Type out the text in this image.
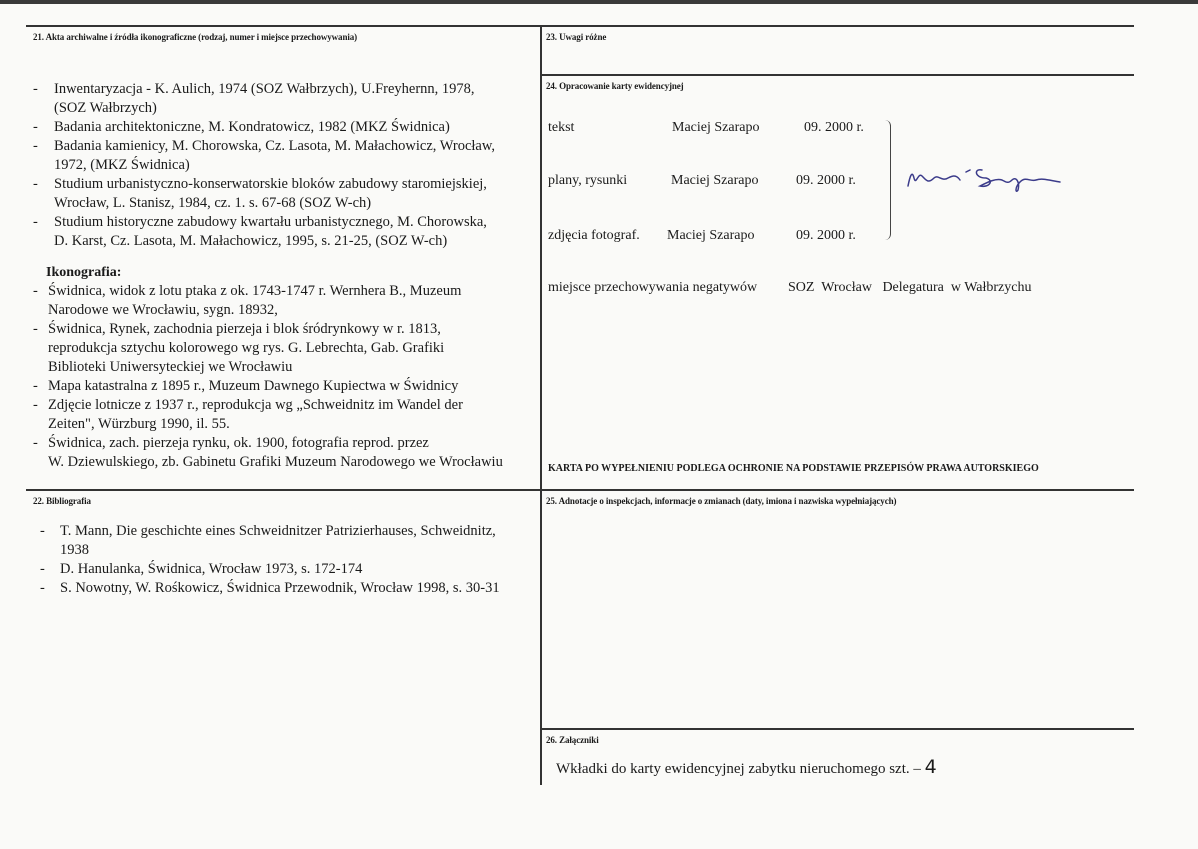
21. Akta archiwalne i źródła ikonograficzne (rodzaj, numer i miejsce przechowywania)
- Inwentaryzacja - K. Aulich, 1974 (SOZ Wałbrzych), U.Freyhernn, 1978,
(SOZ Wałbrzych)
- Badania architektoniczne, M. Kondratowicz, 1982 (MKZ Świdnica)
- Badania kamienicy, M. Chorowska, Cz. Lasota, M. Małachowicz, Wrocław,
1972, (MKZ Świdnica)
- Studium urbanistyczno-konserwatorskie bloków zabudowy staromiejskiej,
Wrocław, L. Stanisz, 1984, cz. 1. s. 67-68 (SOZ W-ch)
- Studium historyczne zabudowy kwartału urbanistycznego, M. Chorowska,
D. Karst, Cz. Lasota, M. Małachowicz, 1995, s. 21-25, (SOZ W-ch)
Ikonografia:
- Świdnica, widok z lotu ptaka z ok. 1743-1747 r. Wernhera B., Muzeum
Narodowe we Wrocławiu, sygn. 18932,
- Świdnica, Rynek, zachodnia pierzeja i blok śródrynkowy w r. 1813,
reprodukcja sztychu kolorowego wg rys. G. Lebrechta, Gab. Grafiki
Biblioteki Uniwersyteckiej we Wrocławiu
- Mapa katastralna z 1895 r., Muzeum Dawnego Kupiectwa w Świdnicy
- Zdjęcie lotnicze z 1937 r., reprodukcja wg „Schweidnitz im Wandel der
Zeiten", Würzburg 1990, il. 55.
- Świdnica, zach. pierzeja rynku, ok. 1900, fotografia reprod. przez
W. Dziewulskiego, zb. Gabinetu Grafiki Muzeum Narodowego we Wrocławiu
22. Bibliografia
- T. Mann, Die geschichte eines Schweidnitzer Patrizierhauses, Schweidnitz,
1938
- D. Hanulanka, Świdnica, Wrocław 1973, s. 172-174
- S. Nowotny, W. Rośkowicz, Świdnica Przewodnik, Wrocław 1998, s. 30-31
23. Uwagi różne
24. Opracowanie karty ewidencyjnej
tekst	Maciej Szarapo	09. 2000 r.
plany, rysunki	Maciej Szarapo	09. 2000 r.
zdjęcia fotograf. Maciej Szarapo	09. 2000 r.
miejsce przechowywania negatywów SOZ  Wrocław   Delegatura  w Wałbrzychu
KARTA PO WYPEŁNIENIU PODLEGA OCHRONIE NA PODSTAWIE PRZEPISÓW PRAWA AUTORSKIEGO
25. Adnotacje o inspekcjach, informacje o zmianach (daty, imiona i nazwiska wypełniających)
26. Załączniki
Wkładki do karty ewidencyjnej zabytku nieruchomego szt. – 4
